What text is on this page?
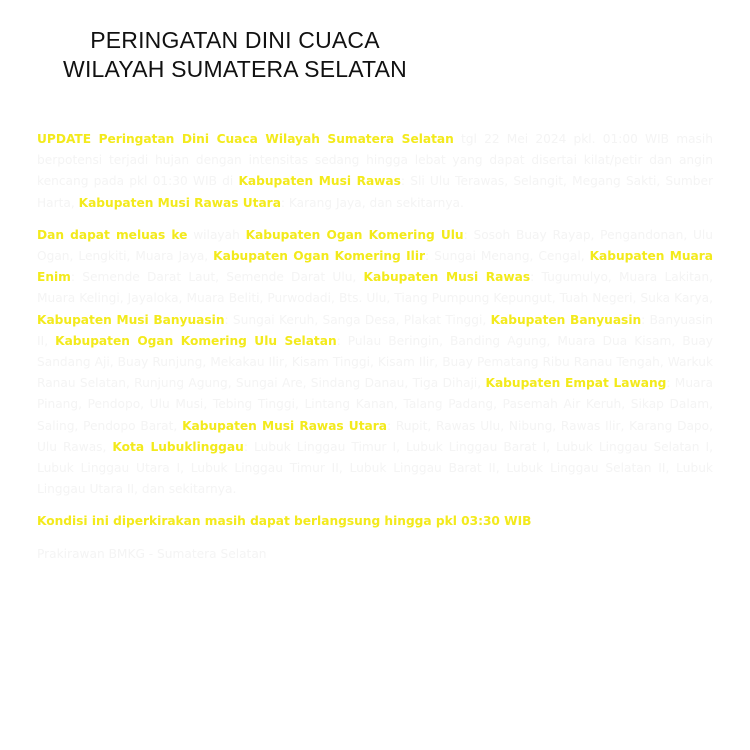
PERINGATAN DINI CUACA
WILAYAH SUMATERA SELATAN

UPDATE Peringatan Dini Cuaca Wilayah Sumatera Selatan tgl 22 Mei 2024 pkl. 01:00 WIB masih berpotensi terjadi hujan dengan intensitas sedang hingga lebat yang dapat disertai kilat/petir dan angin kencang pada pkl 01:30 WIB di Kabupaten Musi Rawas: Sli Ulu Terawas, Selangit, Megang Sakti, Sumber Harta, Kabupaten Musi Rawas Utara: Karang Jaya, dan sekitarnya.

Dan dapat meluas ke wilayah Kabupaten Ogan Komering Ulu: Sosoh Buay Rayap, Pengandonan, Ulu Ogan, Lengkiti, Muara Jaya, Kabupaten Ogan Komering Ilir: Sungai Menang, Cengal, Kabupaten Muara Enim: Semende Darat Laut, Semende Darat Ulu, Kabupaten Musi Rawas: Tugumulyo, Muara Lakitan, Muara Kelingi, Jayaloka, Muara Beliti, Purwodadi, Bts. Ulu, Tiang Pumpung Kepungut, Tuah Negeri, Suka Karya, Kabupaten Musi Banyuasin: Sungai Keruh, Sanga Desa, Plakat Tinggi, Kabupaten Banyuasin: Banyuasin II, Kabupaten Ogan Komering Ulu Selatan: Pulau Beringin, Banding Agung, Muara Dua Kisam, Buay Sandang Aji, Buay Runjung, Mekakau Ilir, Kisam Tinggi, Kisam Ilir, Buay Pematang Ribu Ranau Tengah, Warkuk Ranau Selatan, Runjung Agung, Sungai Are, Sindang Danau, Tiga Dihaji, Kabupaten Empat Lawang: Muara Pinang, Pendopo, Ulu Musi, Tebing Tinggi, Lintang Kanan, Talang Padang, Pasemah Air Keruh, Sikap Dalam, Saling, Pendopo Barat, Kabupaten Musi Rawas Utara: Rupit, Rawas Ulu, Nibung, Rawas Ilir, Karang Dapo, Ulu Rawas, Kota Lubuklinggau: Lubuk Linggau Timur I, Lubuk Linggau Barat I, Lubuk Linggau Selatan I, Lubuk Linggau Utara I, Lubuk Linggau Timur II, Lubuk Linggau Barat II, Lubuk Linggau Selatan II, Lubuk Linggau Utara II, dan sekitarnya.

Kondisi ini diperkirakan masih dapat berlangsung hingga pkl 03:30 WIB

Prakirawan BMKG - Sumatera Selatan
